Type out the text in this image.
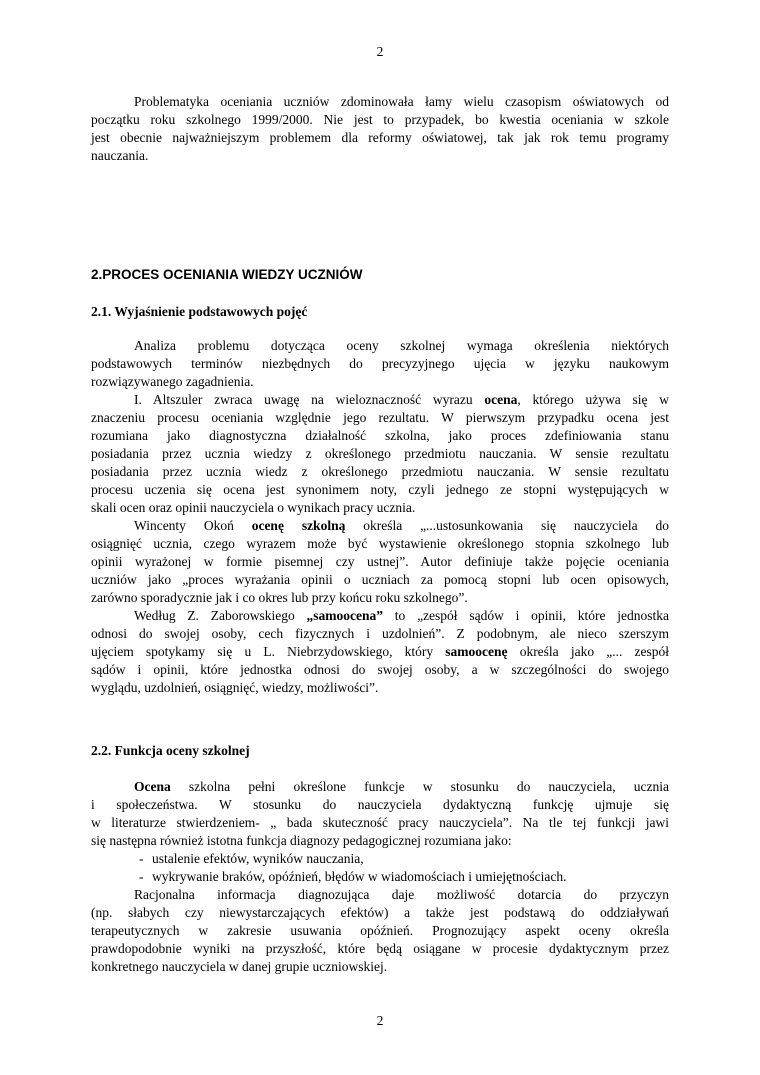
2
Problematyka oceniania uczniów zdominowała łamy wielu czasopism oświatowych od
początku roku szkolnego 1999/2000. Nie jest to przypadek, bo kwestia oceniania w szkole
jest obecnie najważniejszym problemem dla reformy oświatowej, tak jak rok temu programy
nauczania.
2.PROCES OCENIANIA WIEDZY UCZNIÓW
2.1. Wyjaśnienie podstawowych pojęć
Analiza problemu dotycząca oceny szkolnej wymaga określenia niektórych
podstawowych terminów niezbędnych do precyzyjnego ujęcia w języku naukowym
rozwiązywanego zagadnienia.
I. Altszuler zwraca uwagę na wieloznaczność wyrazu ocena, którego używa się w
znaczeniu procesu oceniania względnie jego rezultatu. W pierwszym przypadku ocena jest
rozumiana jako diagnostyczna działalność szkolna, jako proces zdefiniowania stanu
posiadania przez ucznia wiedzy z określonego przedmiotu nauczania. W sensie rezultatu
posiadania przez ucznia wiedz z określonego przedmiotu nauczania. W sensie rezultatu
procesu uczenia się ocena jest synonimem noty, czyli jednego ze stopni występujących w
skali ocen oraz opinii nauczyciela o wynikach pracy ucznia.
Wincenty Okoń ocenę szkolną określa „...ustosunkowania się nauczyciela do
osiągnięć ucznia, czego wyrazem może być wystawienie określonego stopnia szkolnego lub
opinii wyrażonej w formie pisemnej czy ustnej”. Autor definiuje także pojęcie oceniania
uczniów jako „proces wyrażania opinii o uczniach za pomocą stopni lub ocen opisowych,
zarówno sporadycznie jak i co okres lub przy końcu roku szkolnego”.
Według Z. Zaborowskiego „samoocena” to „zespół sądów i opinii, które jednostka
odnosi do swojej osoby, cech fizycznych i uzdolnień”. Z podobnym, ale nieco szerszym
ujęciem spotykamy się u L. Niebrzydowskiego, który samoocenę określa jako „... zespół
sądów i opinii, które jednostka odnosi do swojej osoby, a w szczególności do swojego
wyglądu, uzdolnień, osiągnięć, wiedzy, możliwości”.
2.2. Funkcja oceny szkolnej
Ocena szkolna pełni określone funkcje w stosunku do nauczyciela, ucznia
i społeczeństwa. W stosunku do nauczyciela dydaktyczną funkcję ujmuje się
w literaturze stwierdzeniem- „ bada skuteczność pracy nauczyciela”. Na tle tej funkcji jawi
się następna również istotna funkcja diagnozy pedagogicznej rozumiana jako:
- ustalenie efektów, wyników nauczania,
- wykrywanie braków, opóźnień, błędów w wiadomościach i umiejętnościach.
Racjonalna informacja diagnozująca daje możliwość dotarcia do przyczyn
(np. słabych czy niewystarczających efektów) a także jest podstawą do oddziaływań
terapeutycznych w zakresie usuwania opóźnień. Prognozujący aspekt oceny określa
prawdopodobnie wyniki na przyszłość, które będą osiągane w procesie dydaktycznym przez
konkretnego nauczyciela w danej grupie uczniowskiej.
2
